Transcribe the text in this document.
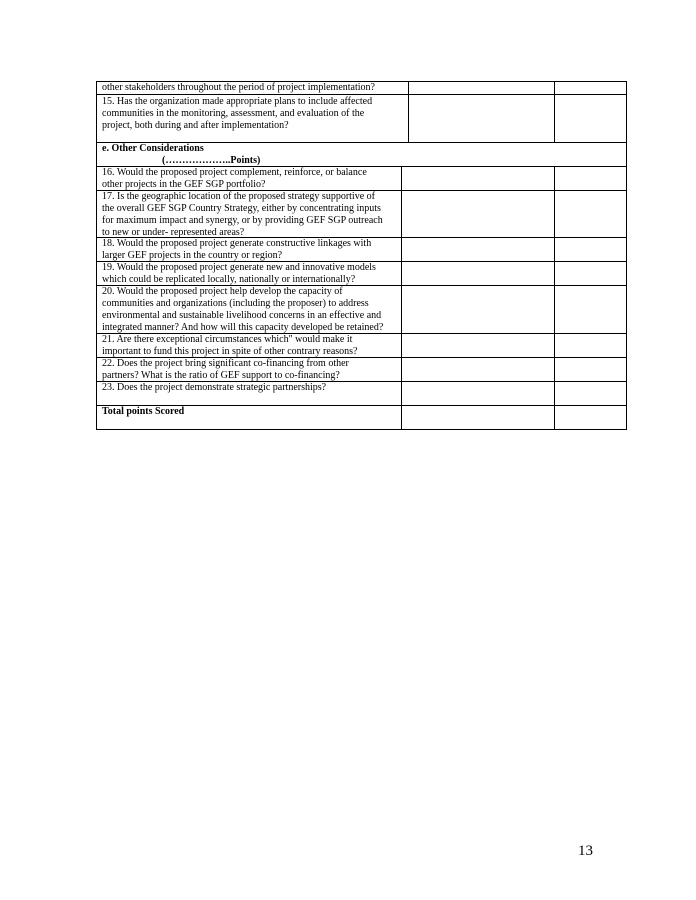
other stakeholders throughout the period of project implementation?
15. Has the organization made appropriate plans to include affected
communities in the monitoring, assessment, and evaluation of the
project, both during and after implementation?
e. Other Considerations
(………………..Points)
16. Would the proposed project complement, reinforce, or balance
other projects in the GEF SGP portfolio?
17. Is the geographic location of the proposed strategy supportive of
the overall GEF SGP Country Strategy, either by concentrating inputs
for maximum impact and synergy, or by providing GEF SGP outreach
to new or under- represented areas?
18. Would the proposed project generate constructive linkages with
larger GEF projects in the country or region?
19. Would the proposed project generate new and innovative models
which could be replicated locally, nationally or internationally?
20. Would the proposed project help develop the capacity of
communities and organizations (including the proposer) to address
environmental and sustainable livelihood concerns in an effective and
integrated manner? And how will this capacity developed be retained?
21. Are there exceptional circumstances which" would make it
important to fund this project in spite of other contrary reasons?
22. Does the project bring significant co-financing from other
partners? What is the ratio of GEF support to co-financing?
23. Does the project demonstrate strategic partnerships?
Total points Scored
13
